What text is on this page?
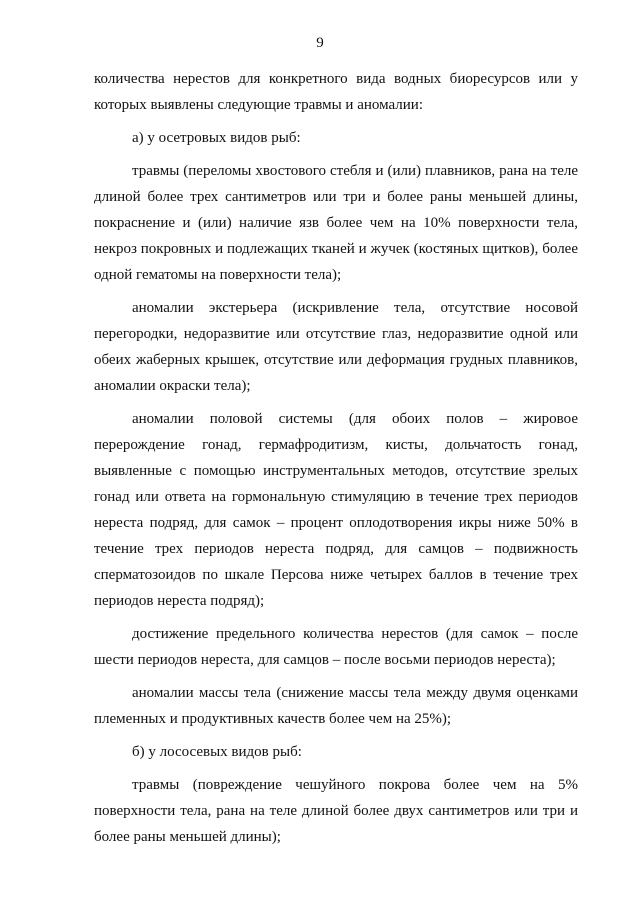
9

количества нерестов для конкретного вида водных биоресурсов или у которых выявлены следующие травмы и аномалии:

а) у осетровых видов рыб:

травмы (переломы хвостового стебля и (или) плавников, рана на теле длиной более трех сантиметров или три и более раны меньшей длины, покраснение и (или) наличие язв более чем на 10% поверхности тела, некроз покровных и подлежащих тканей и жучек (костяных щитков), более одной гематомы на поверхности тела);

аномалии экстерьера (искривление тела, отсутствие носовой перегородки, недоразвитие или отсутствие глаз, недоразвитие одной или обеих жаберных крышек, отсутствие или деформация грудных плавников, аномалии окраски тела);

аномалии половой системы (для обоих полов – жировое перерождение гонад, гермафродитизм, кисты, дольчатость гонад, выявленные с помощью инструментальных методов, отсутствие зрелых гонад или ответа на гормональную стимуляцию в течение трех периодов нереста подряд, для самок – процент оплодотворения икры ниже 50% в течение трех периодов нереста подряд, для самцов – подвижность сперматозоидов по шкале Персова ниже четырех баллов в течение трех периодов нереста подряд);

достижение предельного количества нерестов (для самок – после шести периодов нереста, для самцов – после восьми периодов нереста);

аномалии массы тела (снижение массы тела между двумя оценками племенных и продуктивных качеств более чем на 25%);

б) у лососевых видов рыб:

травмы (повреждение чешуйного покрова более чем на 5% поверхности тела, рана на теле длиной более двух сантиметров или три и более раны меньшей длины);
